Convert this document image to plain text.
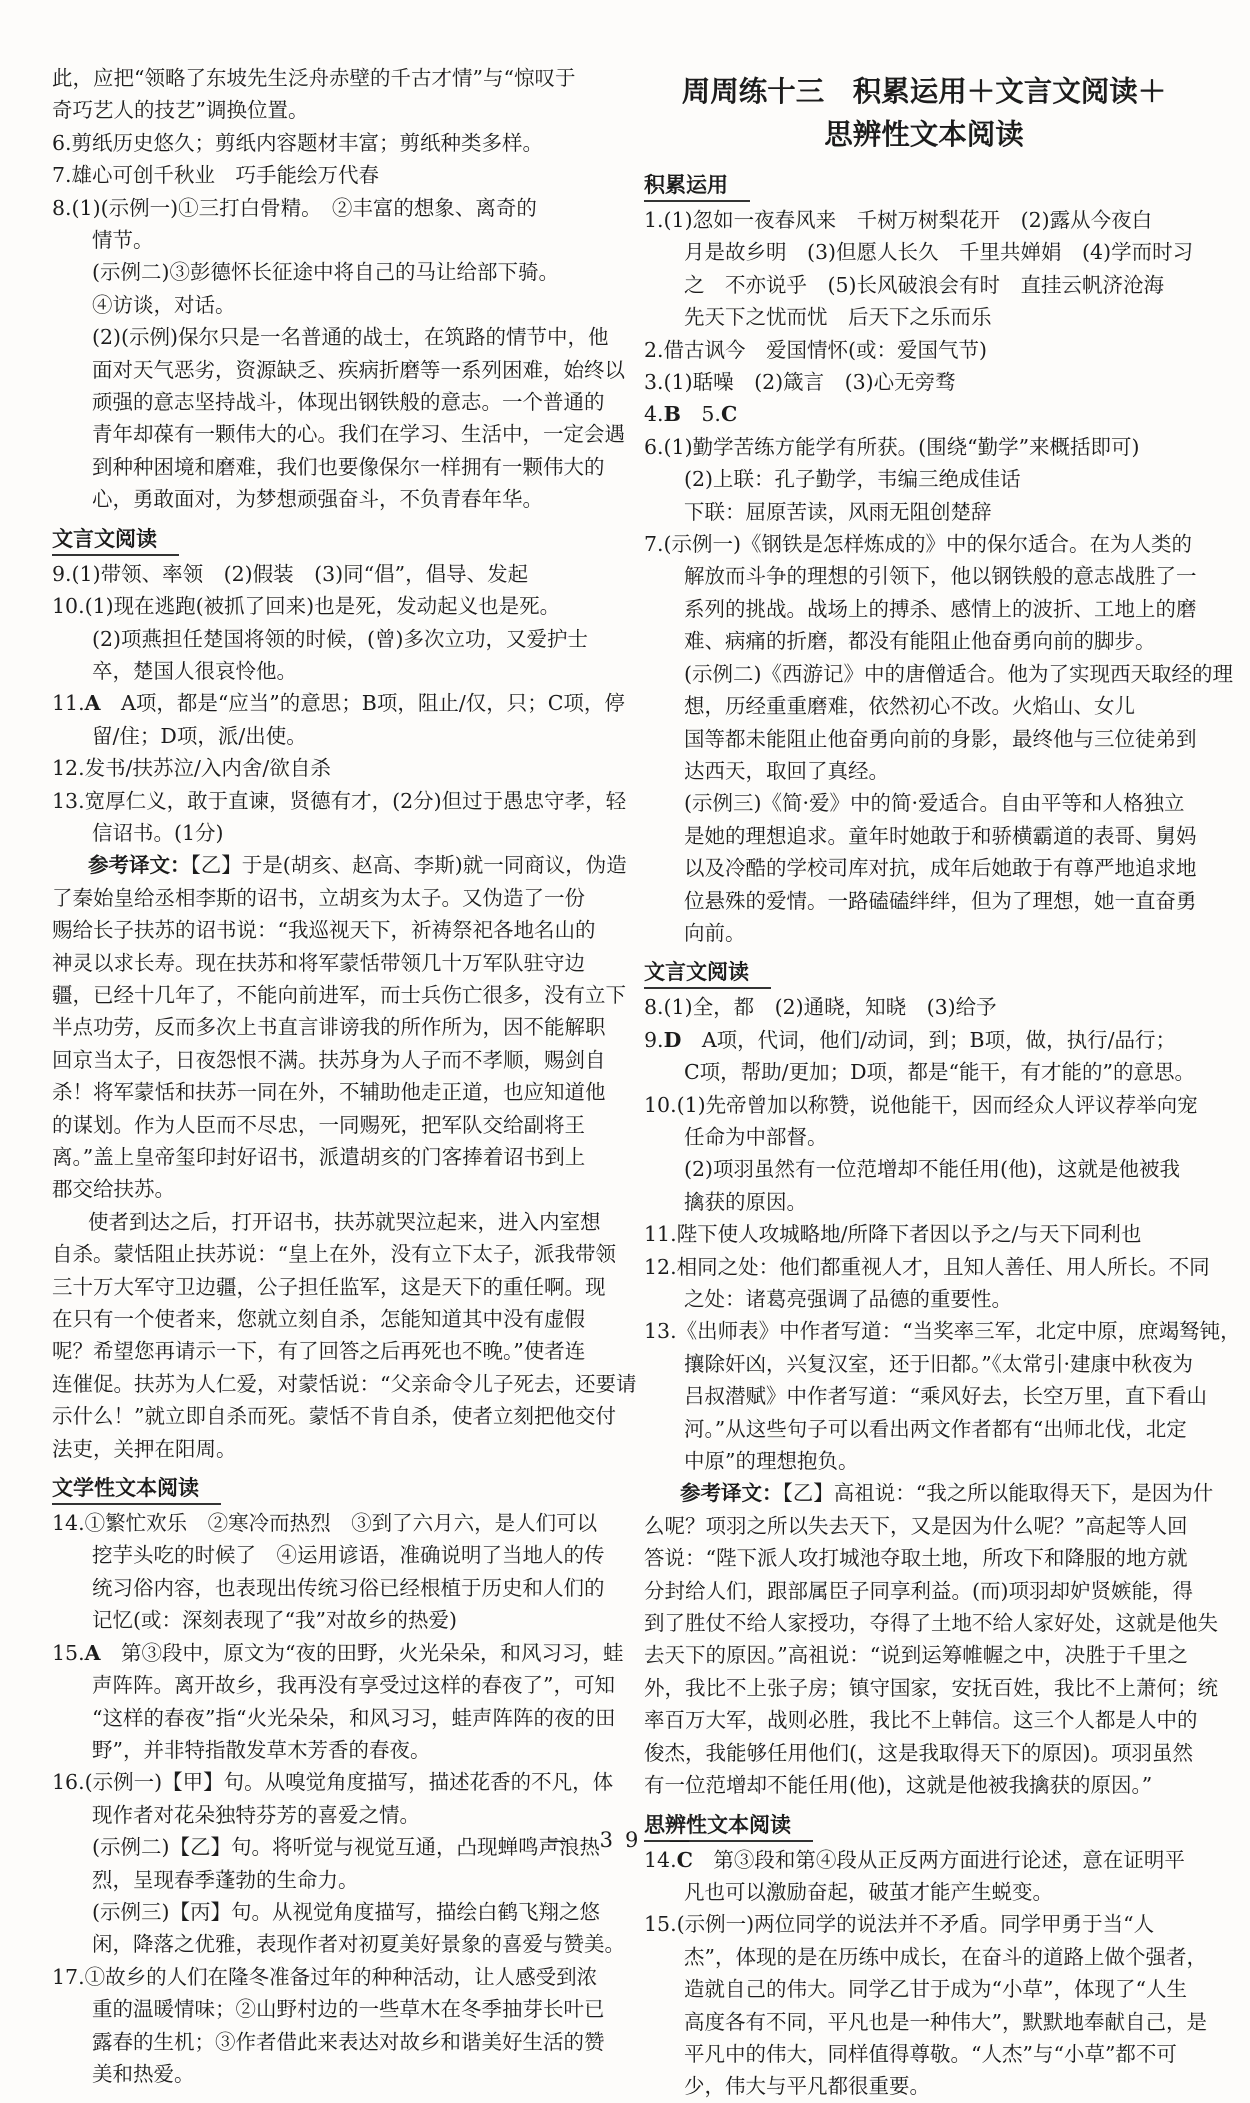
此，应把“领略了东坡先生泛舟赤壁的千古才情”与“惊叹于

奇巧艺人的技艺”调换位置。

6.剪纸历史悠久；剪纸内容题材丰富；剪纸种类多样。

7.雄心可创千秋业　巧手能绘万代春

8.(1)(示例一)①三打白骨精。　②丰富的想象、离奇的

情节。

(示例二)③彭德怀长征途中将自己的马让给部下骑。

④访谈，对话。

(2)(示例)保尔只是一名普通的战士，在筑路的情节中，他

面对天气恶劣，资源缺乏、疾病折磨等一系列困难，始终以

顽强的意志坚持战斗，体现出钢铁般的意志。一个普通的

青年却葆有一颗伟大的心。我们在学习、生活中，一定会遇

到种种困境和磨难，我们也要像保尔一样拥有一颗伟大的

心，勇敢面对，为梦想顽强奋斗，不负青春年华。

文言文阅读

9.(1)带领、率领　(2)假装　(3)同“倡”，倡导、发起

10.(1)现在逃跑(被抓了回来)也是死，发动起义也是死。

(2)项燕担任楚国将领的时候，(曾)多次立功，又爱护士

卒，楚国人很哀怜他。

11.A　A项，都是“应当”的意思；B项，阻止/仅，只；C项，停

留/住；D项，派/出使。

12.发书/扶苏泣/入内舍/欲自杀

13.宽厚仁义，敢于直谏，贤德有才，(2分)但过于愚忠守孝，轻

信诏书。(1分)

参考译文：【乙】于是(胡亥、赵高、李斯)就一同商议，伪造

了秦始皇给丞相李斯的诏书，立胡亥为太子。又伪造了一份

赐给长子扶苏的诏书说：“我巡视天下，祈祷祭祀各地名山的

神灵以求长寿。现在扶苏和将军蒙恬带领几十万军队驻守边

疆，已经十几年了，不能向前进军，而士兵伤亡很多，没有立下

半点功劳，反而多次上书直言诽谤我的所作所为，因不能解职

回京当太子，日夜怨恨不满。扶苏身为人子而不孝顺，赐剑自

杀！将军蒙恬和扶苏一同在外，不辅助他走正道，也应知道他

的谋划。作为人臣而不尽忠，一同赐死，把军队交给副将王

离。”盖上皇帝玺印封好诏书，派遣胡亥的门客捧着诏书到上

郡交给扶苏。

使者到达之后，打开诏书，扶苏就哭泣起来，进入内室想

自杀。蒙恬阻止扶苏说：“皇上在外，没有立下太子，派我带领

三十万大军守卫边疆，公子担任监军，这是天下的重任啊。现

在只有一个使者来，您就立刻自杀，怎能知道其中没有虚假

呢？希望您再请示一下，有了回答之后再死也不晚。”使者连

连催促。扶苏为人仁爱，对蒙恬说：“父亲命令儿子死去，还要请

示什么！”就立即自杀而死。蒙恬不肯自杀，使者立刻把他交付

法吏，关押在阳周。

文学性文本阅读

14.①繁忙欢乐　②寒冷而热烈　③到了六月六，是人们可以

挖芋头吃的时候了　④运用谚语，准确说明了当地人的传

统习俗内容，也表现出传统习俗已经根植于历史和人们的

记忆(或：深刻表现了“我”对故乡的热爱)

15.A　第③段中，原文为“夜的田野，火光朵朵，和风习习，蛙

声阵阵。离开故乡，我再没有享受过这样的春夜了”，可知

“这样的春夜”指“火光朵朵，和风习习，蛙声阵阵的夜的田

野”，并非特指散发草木芳香的春夜。

16.(示例一)【甲】句。从嗅觉角度描写，描述花香的不凡，体

现作者对花朵独特芬芳的喜爱之情。

(示例二)【乙】句。将听觉与视觉互通，凸现蝉鸣声浪热

烈，呈现春季蓬勃的生命力。

(示例三)【丙】句。从视觉角度描写，描绘白鹤飞翔之悠

闲，降落之优雅，表现作者对初夏美好景象的喜爱与赞美。

17.①故乡的人们在隆冬准备过年的种种活动，让人感受到浓

重的温暖情味；②山野村边的一些草木在冬季抽芽长叶已

露春的生机；③作者借此来表达对故乡和谐美好生活的赞

美和热爱。

周周练十三　积累运用＋文言文阅读＋
思辨性文本阅读
积累运用

1.(1)忽如一夜春风来　千树万树梨花开　(2)露从今夜白

月是故乡明　(3)但愿人长久　千里共婵娟　(4)学而时习

之　不亦说乎　(5)长风破浪会有时　直挂云帆济沧海

先天下之忧而忧　后天下之乐而乐

2.借古讽今　爱国情怀(或：爱国气节)

3.(1)聒噪　(2)箴言　(3)心无旁骛

4.B　5.C

6.(1)勤学苦练方能学有所获。(围绕“勤学”来概括即可)

(2)上联：孔子勤学，韦编三绝成佳话

下联：屈原苦读，风雨无阻创楚辞

7.(示例一)《钢铁是怎样炼成的》中的保尔适合。在为人类的

解放而斗争的理想的引领下，他以钢铁般的意志战胜了一

系列的挑战。战场上的搏杀、感情上的波折、工地上的磨

难、病痛的折磨，都没有能阻止他奋勇向前的脚步。

(示例二)《西游记》中的唐僧适合。他为了实现西天取经的理

想，历经重重磨难，依然初心不改。火焰山、女儿

国等都未能阻止他奋勇向前的身影，最终他与三位徒弟到

达西天，取回了真经。

(示例三)《简·爱》中的简·爱适合。自由平等和人格独立

是她的理想追求。童年时她敢于和骄横霸道的表哥、舅妈

以及冷酷的学校司库对抗，成年后她敢于有尊严地追求地

位悬殊的爱情。一路磕磕绊绊，但为了理想，她一直奋勇

向前。

文言文阅读

8.(1)全，都　(2)通晓，知晓　(3)给予

9.D　A项，代词，他们/动词，到；B项，做，执行/品行；

C项，帮助/更加；D项，都是“能干，有才能的”的意思。

10.(1)先帝曾加以称赞，说他能干，因而经众人评议荐举向宠

任命为中部督。

(2)项羽虽然有一位范增却不能任用(他)，这就是他被我

擒获的原因。

11.陛下使人攻城略地/所降下者因以予之/与天下同利也

12.相同之处：他们都重视人才，且知人善任、用人所长。不同

之处：诸葛亮强调了品德的重要性。

13.《出师表》中作者写道：“当奖率三军，北定中原，庶竭驽钝，

攘除奸凶，兴复汉室，还于旧都。”《太常引·建康中秋夜为

吕叔潜赋》中作者写道：“乘风好去，长空万里，直下看山

河。”从这些句子可以看出两文作者都有“出师北伐，北定

中原”的理想抱负。

参考译文：【乙】高祖说：“我之所以能取得天下，是因为什

么呢？项羽之所以失去天下，又是因为什么呢？”高起等人回

答说：“陛下派人攻打城池夺取土地，所攻下和降服的地方就

分封给人们，跟部属臣子同享利益。(而)项羽却妒贤嫉能，得

到了胜仗不给人家授功，夺得了土地不给人家好处，这就是他失

去天下的原因。”高祖说：“说到运筹帷幄之中，决胜于千里之

外，我比不上张子房；镇守国家，安抚百姓，我比不上萧何；统

率百万大军，战则必胜，我比不上韩信。这三个人都是人中的

俊杰，我能够任用他们(，这是我取得天下的原因)。项羽虽然

有一位范增却不能任用(他)，这就是他被我擒获的原因。”

思辨性文本阅读

14.C　第③段和第④段从正反两方面进行论述，意在证明平

凡也可以激励奋起，破茧才能产生蜕变。

15.(示例一)两位同学的说法并不矛盾。同学甲勇于当“人

杰”，体现的是在历练中成长，在奋斗的道路上做个强者，

造就自己的伟大。同学乙甘于成为“小草”，体现了“人生

高度各有不同，平凡也是一种伟大”，默默地奉献自己，是

平凡中的伟大，同样值得尊敬。“人杰”与“小草”都不可

少，伟大与平凡都很重要。

— 39 —
